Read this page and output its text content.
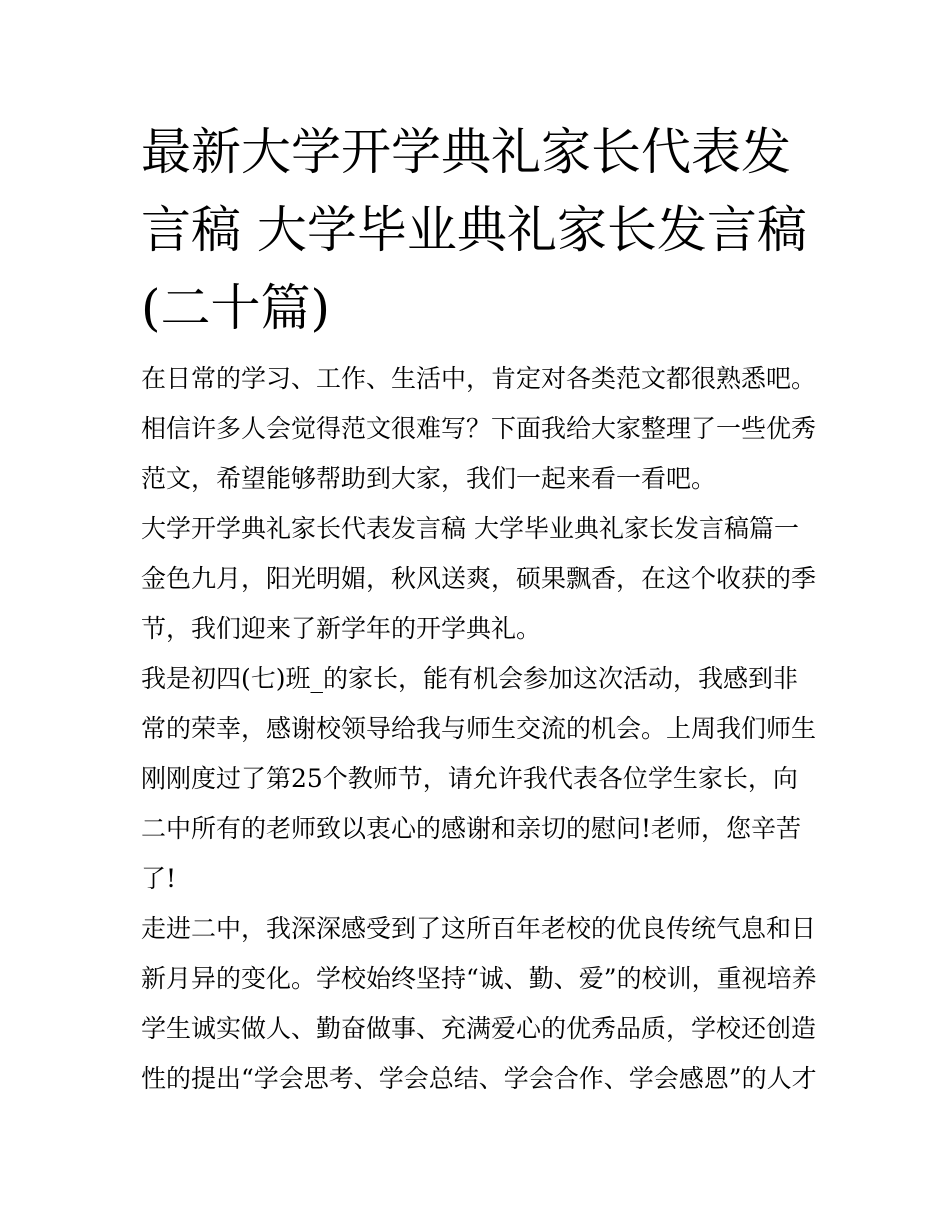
最新大学开学典礼家长代表发言稿 大学毕业典礼家长发言稿(二十篇)

在日常的学习、工作、生活中，肯定对各类范文都很熟悉吧。相信许多人会觉得范文很难写？下面我给大家整理了一些优秀范文，希望能够帮助到大家，我们一起来看一看吧。

大学开学典礼家长代表发言稿 大学毕业典礼家长发言稿篇一

金色九月，阳光明媚，秋风送爽，硕果飘香，在这个收获的季节，我们迎来了新学年的开学典礼。

我是初四(七)班_的家长，能有机会参加这次活动，我感到非常的荣幸，感谢校领导给我与师生交流的机会。上周我们师生刚刚度过了第25个教师节，请允许我代表各位学生家长，向二中所有的老师致以衷心的感谢和亲切的慰问!老师，您辛苦了!

走进二中，我深深感受到了这所百年老校的优良传统气息和日新月异的变化。学校始终坚持“诚、勤、爱”的校训，重视培养学生诚实做人、勤奋做事、充满爱心的优秀品质，学校还创造性的提出“学会思考、学会总结、学会合作、学会感恩”的人才
